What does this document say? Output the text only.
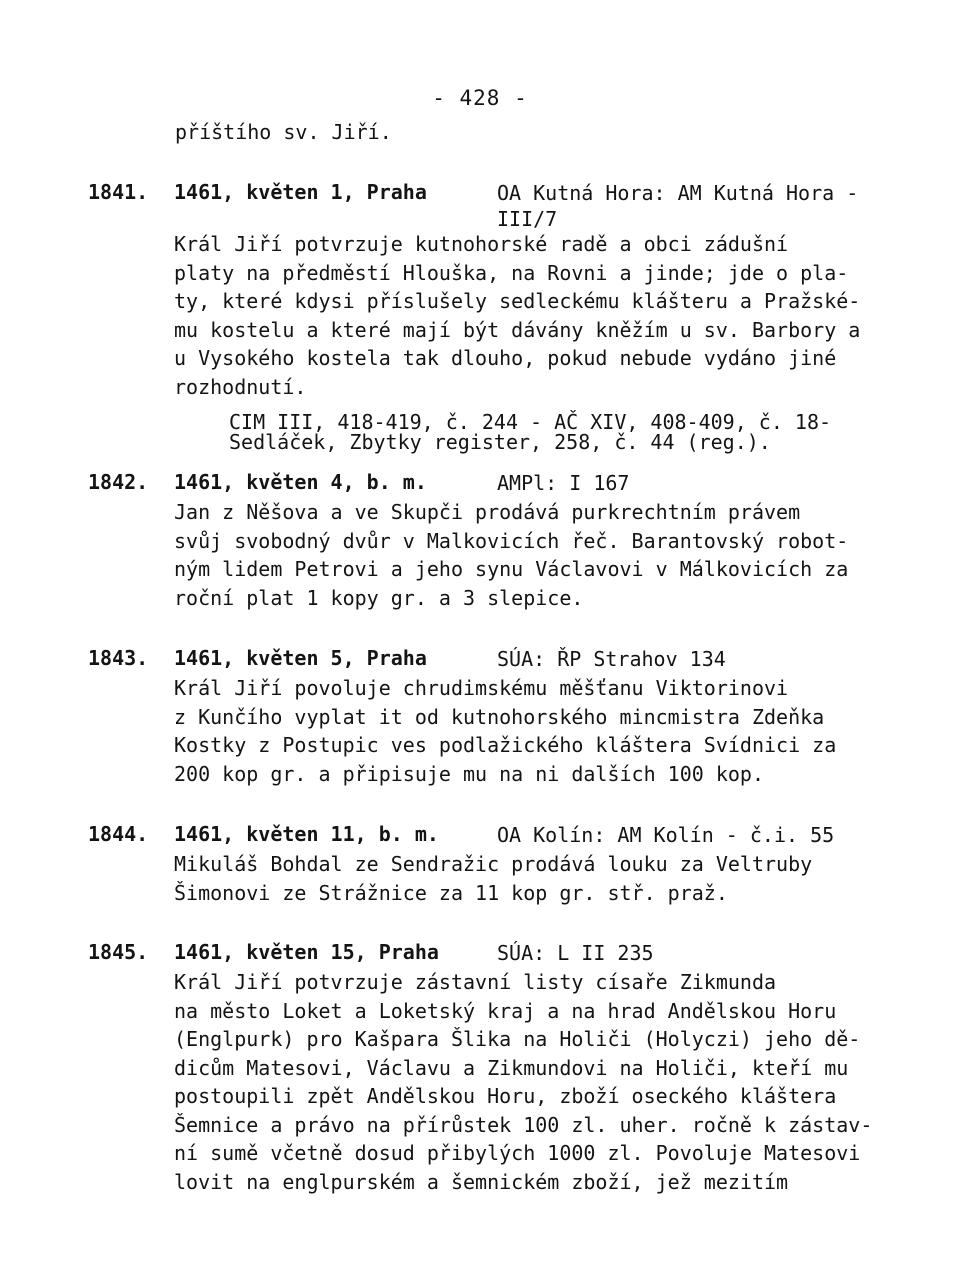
- 428 -
příštího sv. Jiří.
1841. 1461, květen 1, Praha	OA Kutná Hora: AM Kutná Hora -
III/7
Král Jiří potvrzuje kutnohorské radě a obci zádušní
platy na předměstí Hlouška, na Rovni a jinde; jde o pla-
ty, které kdysi příslušely sedleckému klášteru a Pražské-
mu kostelu a které mají být dávány kněžím u sv. Barbory a
u Vysokého kostela tak dlouho, pokud nebude vydáno jiné
rozhodnutí.
CIM III, 418-419, č. 244 - AČ XIV, 408-409, č. 18-
Sedláček, Zbytky register, 258, č. 44 (reg.).
1842. 1461, květen 4, b. m.	AMPl: I 167
Jan z Něšova a ve Skupči prodává purkrechtním právem
svůj svobodný dvůr v Malkovicích řeč. Barantovský robot-
ným lidem Petrovi a jeho synu Václavovi v Málkovicích za
roční plat 1 kopy gr. a 3 slepice.
1843. 1461, květen 5, Praha	SÚA: ŘP Strahov 134
Král Jiří povoluje chrudimskému měšťanu Viktorinovi
z Kunčího vyplat it od kutnohorského mincmistra Zdeňka
Kostky z Postupic ves podlažického kláštera Svídnici za
200 kop gr. a připisuje mu na ni dalších 100 kop.
1844. 1461, květen 11, b. m.	OA Kolín: AM Kolín - č.i. 55
Mikuláš Bohdal ze Sendražic prodává louku za Veltruby
Šimonovi ze Strážnice za 11 kop gr. stř. praž.
1845. 1461, květen 15, Praha	SÚA: L II 235
Král Jiří potvrzuje zástavní listy císaře Zikmunda
na město Loket a Loketský kraj a na hrad Andělskou Horu
(Englpurk) pro Kašpara Šlika na Holiči (Holyczi) jeho dě-
dicům Matesovi, Václavu a Zikmundovi na Holiči, kteří mu
postoupili zpět Andělskou Horu, zboží oseckého kláštera
Šemnice a právo na přírůstek 100 zl. uher. ročně k zástav-
ní sumě včetně dosud přibylých 1000 zl. Povoluje Matesovi
lovit na englpurském a šemnickém zboží, jež mezitím
